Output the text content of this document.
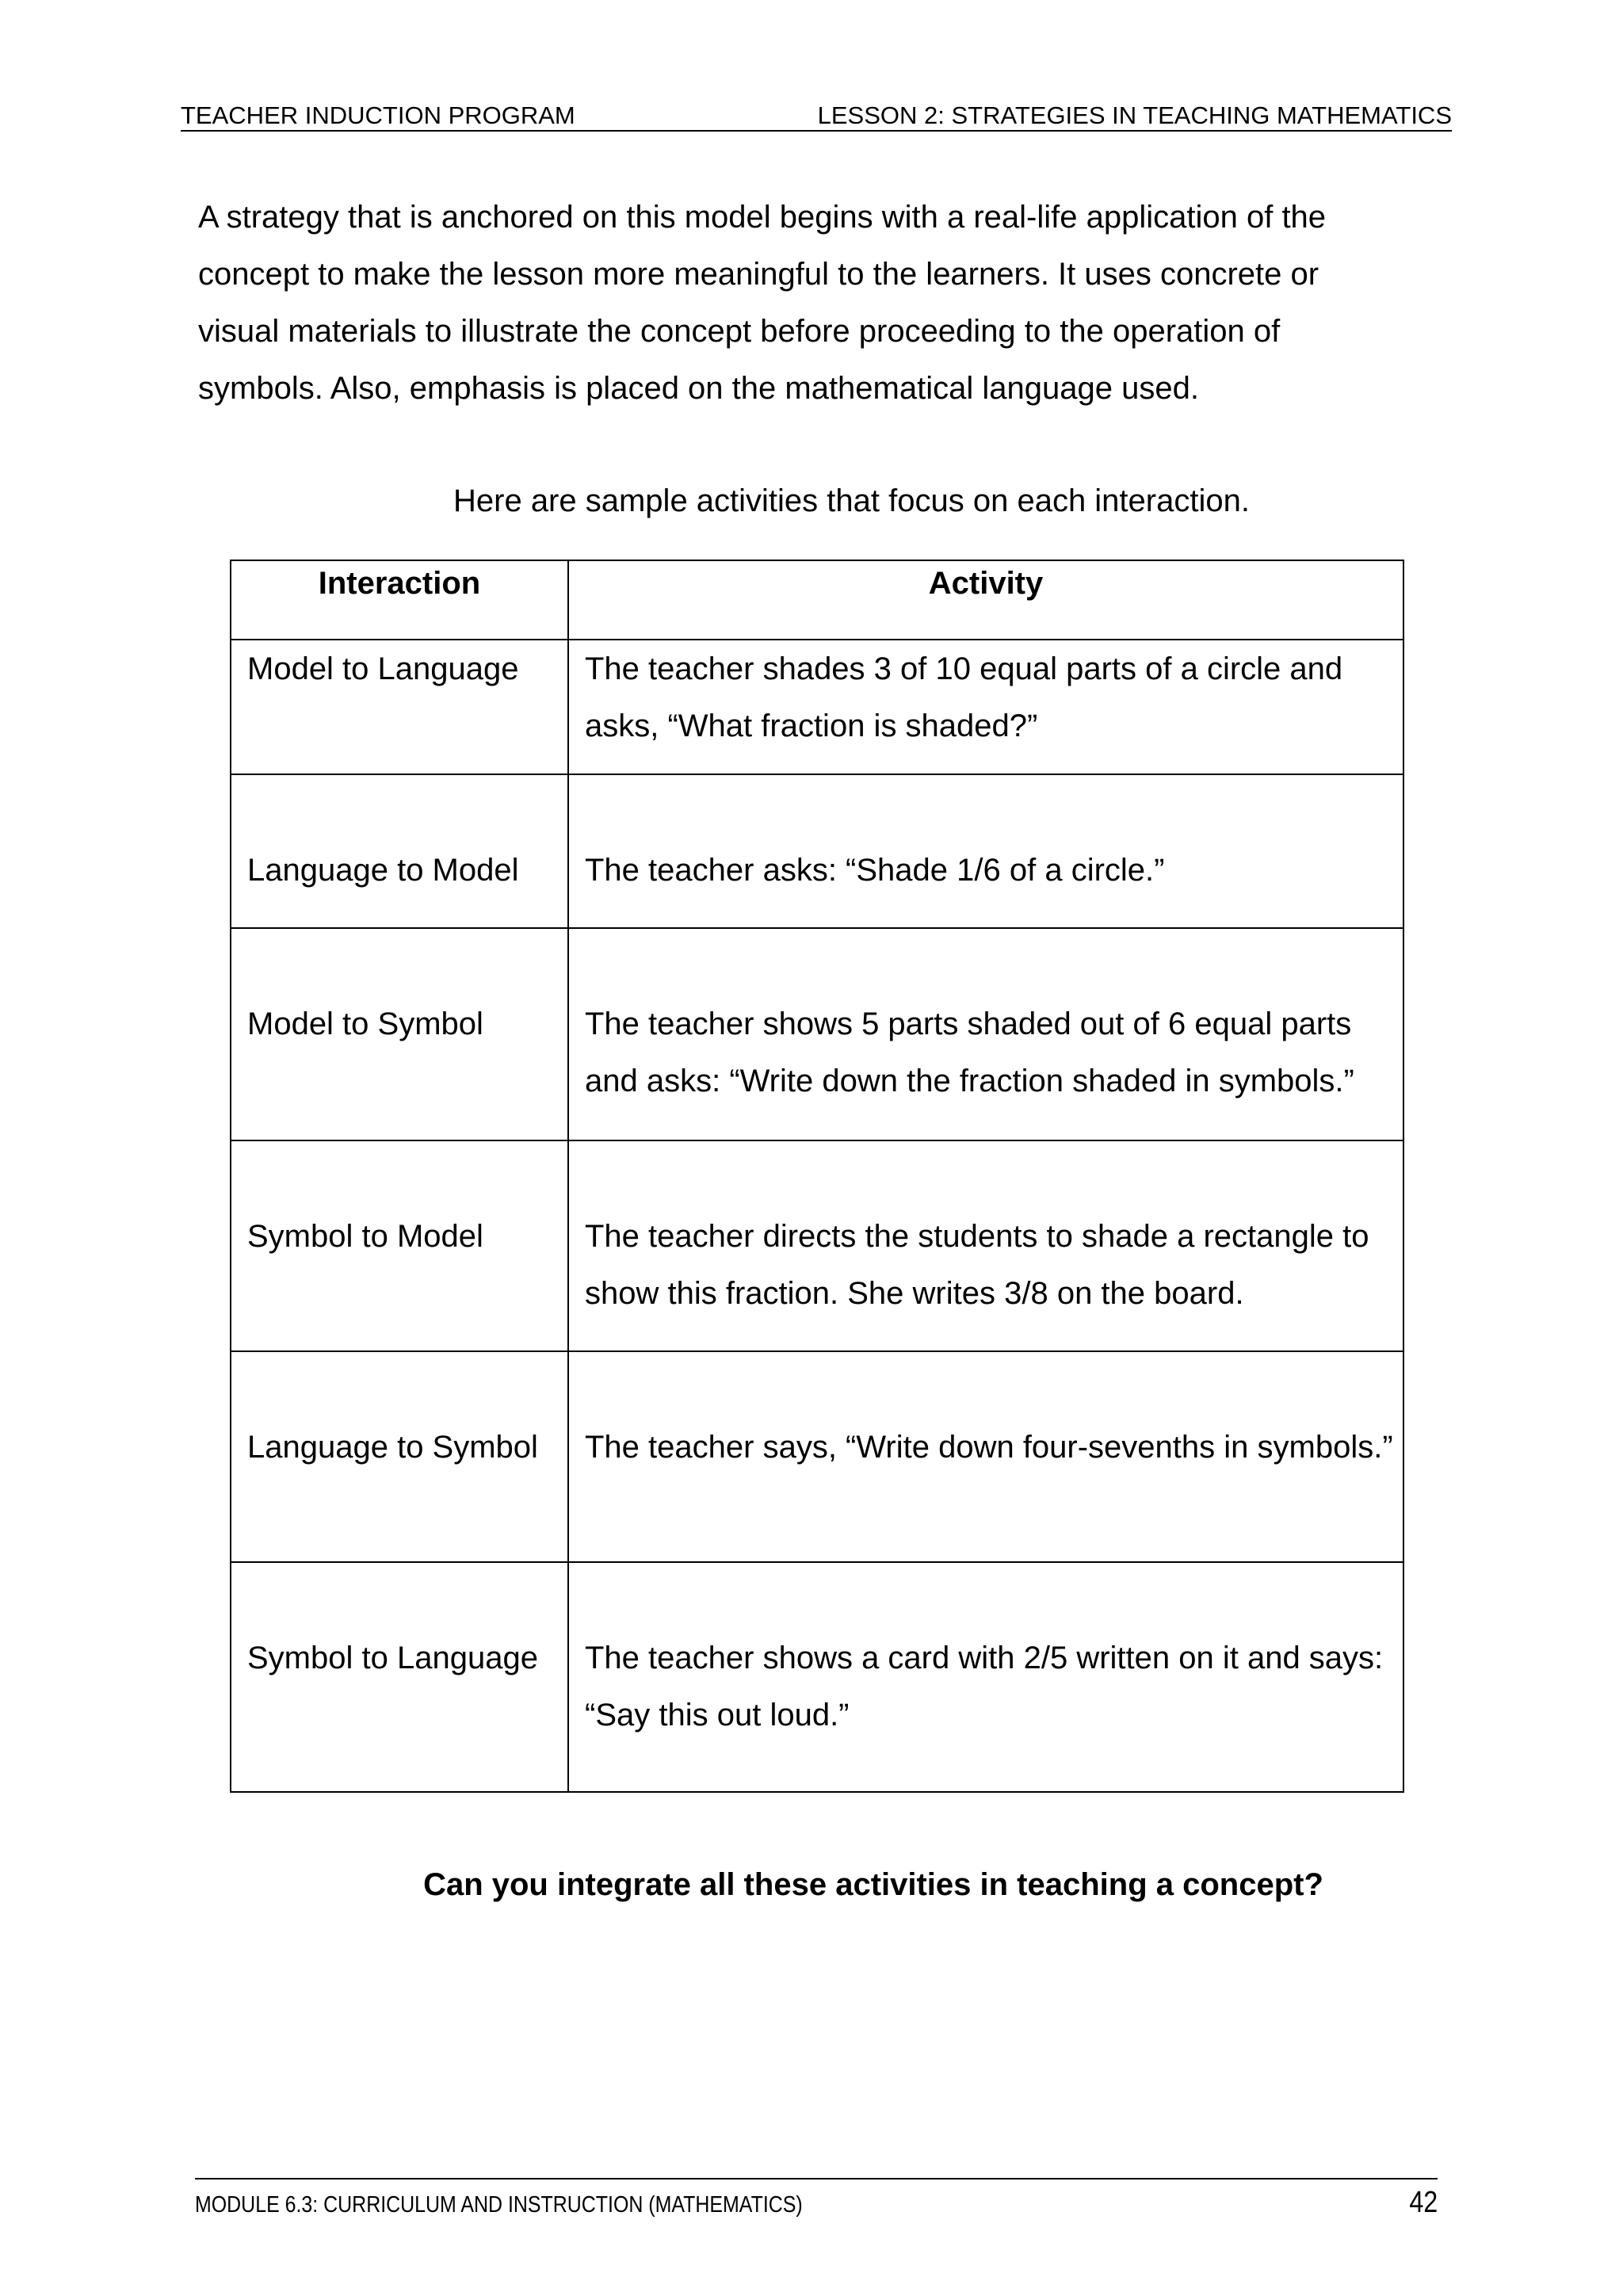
TEACHER INDUCTION PROGRAM	LESSON 2: STRATEGIES IN TEACHING MATHEMATICS

A strategy that is anchored on this model begins with a real-life application of the
concept to make the lesson more meaningful to the learners. It uses concrete or
visual materials to illustrate the concept before proceeding to the operation of
symbols. Also, emphasis is placed on the mathematical language used.

Here are sample activities that focus on each interaction.
Interaction	Activity

Model to Language	The teacher shades 3 of 10 equal parts of a circle and asks, “What fraction is shaded?”

Language to Model	The teacher asks: “Shade 1/6 of a circle.”

Model to Symbol	The teacher shows 5 parts shaded out of 6 equal parts and asks: “Write down the fraction shaded in symbols.”

Symbol to Model	The teacher directs the students to shade a rectangle to show this fraction. She writes 3/8 on the board.

Language to Symbol	The teacher says, “Write down four-sevenths in symbols.”

Symbol to Language	The teacher shows a card with 2/5 written on it and says: “Say this out loud.”
Can you integrate all these activities in teaching a concept?
MODULE 6.3: CURRICULUM AND INSTRUCTION (MATHEMATICS)	42
